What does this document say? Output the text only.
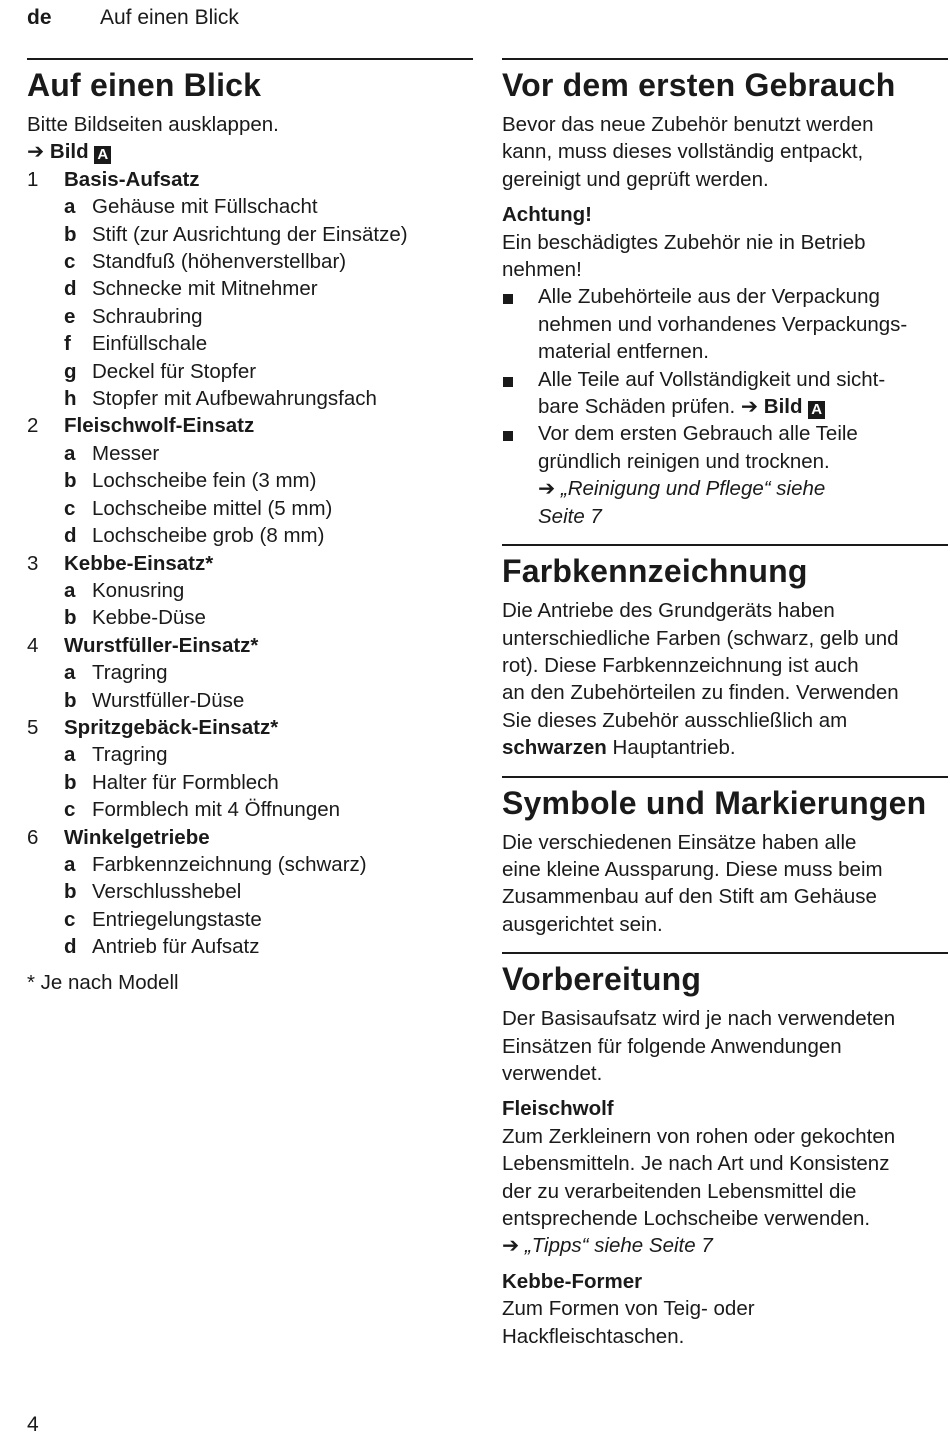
de Auf einen Blick
Auf einen Blick

Bitte Bildseiten ausklappen.

➔ Bild A
1 Basis-Aufsatz
a Gehäuse mit Füllschacht
b Stift (zur Ausrichtung der Einsätze)
c Standfuß (höhenverstellbar)
d Schnecke mit Mitnehmer
e Schraubring
f Einfüllschale
g Deckel für Stopfer
h Stopfer mit Aufbewahrungsfach
2 Fleischwolf-Einsatz
a Messer
b Lochscheibe fein (3 mm)
c Lochscheibe mittel (5 mm)
d Lochscheibe grob (8 mm)
3 Kebbe-Einsatz*
a Konusring
b Kebbe-Düse
4 Wurstfüller-Einsatz*
a Tragring
b Wurstfüller-Düse
5 Spritzgebäck-Einsatz*
a Tragring
b Halter für Formblech
c Formblech mit 4 Öffnungen
6 Winkelgetriebe
a Farbkennzeichnung (schwarz)
b Verschlusshebel
c Entriegelungstaste
d Antrieb für Aufsatz

* Je nach Modell

Vor dem ersten Gebrauch
Bevor das neue Zubehör benutzt werden
kann, muss dieses vollständig entpackt,
gereinigt und geprüft werden.
Achtung!
Ein beschädigtes Zubehör nie in Betrieb
nehmen!
Alle Zubehörteile aus der Verpackung
nehmen und vorhandenes Verpackungs-
material entfernen.
Alle Teile auf Vollständigkeit und sicht-
bare Schäden prüfen. ➔ Bild A
Vor dem ersten Gebrauch alle Teile
gründlich reinigen und trocknen.
➔ „Reinigung und Pflege“ siehe
Seite 7
Farbkennzeichnung
Die Antriebe des Grundgeräts haben
unterschiedliche Farben (schwarz, gelb und
rot). Diese Farbkennzeichnung ist auch
an den Zubehörteilen zu finden. Verwenden
Sie dieses Zubehör ausschließlich am
schwarzen Hauptantrieb.
Symbole und Markierungen
Die verschiedenen Einsätze haben alle
eine kleine Aussparung. Diese muss beim
Zusammenbau auf den Stift am Gehäuse
ausgerichtet sein.
Vorbereitung
Der Basisaufsatz wird je nach verwendeten
Einsätzen für folgende Anwendungen
verwendet.
Fleischwolf
Zum Zerkleinern von rohen oder gekochten
Lebensmitteln. Je nach Art und Konsistenz
der zu verarbeitenden Lebensmittel die
entsprechende Lochscheibe verwenden.
➔ „Tipps“ siehe Seite 7
Kebbe-Former
Zum Formen von Teig- oder
Hackfleischtaschen.
4
